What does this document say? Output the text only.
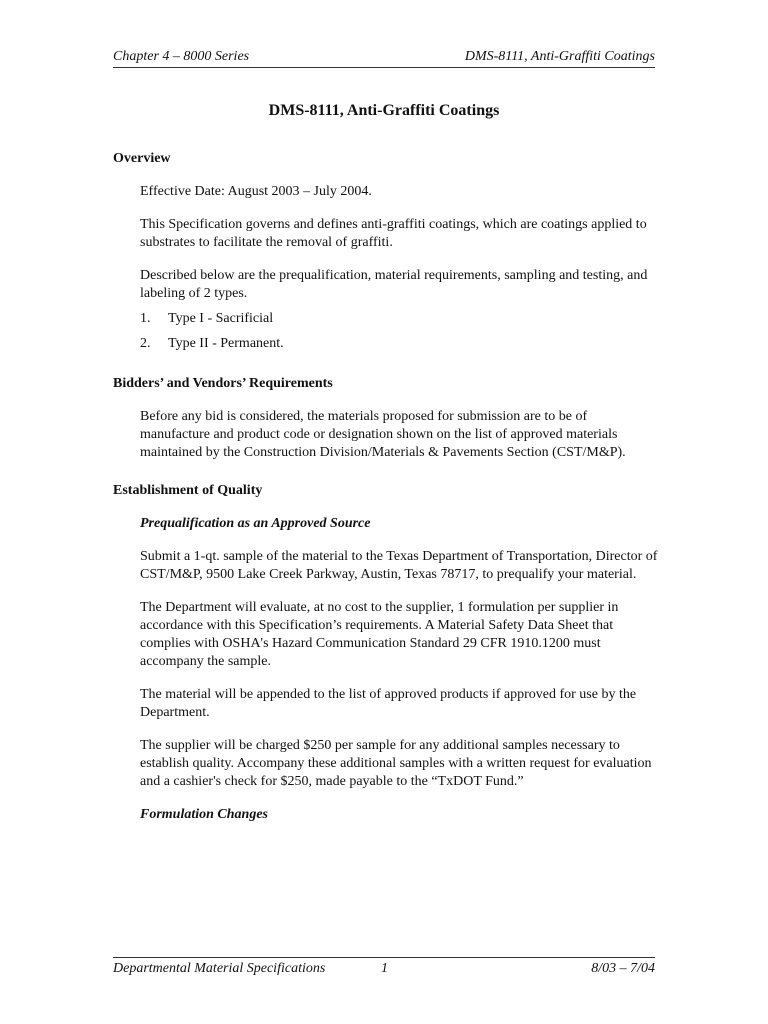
Chapter 4 – 8000 Series	DMS-8111, Anti-Graffiti Coatings
DMS-8111, Anti-Graffiti Coatings

Overview

Effective Date: August 2003 – July 2004.

This Specification governs and defines anti-graffiti coatings, which are coatings applied to substrates to facilitate the removal of graffiti.

Described below are the prequalification, material requirements, sampling and testing, and labeling of 2 types.

1.	Type I - Sacrificial
2.	Type II - Permanent.

Bidders’ and Vendors’ Requirements

Before any bid is considered, the materials proposed for submission are to be of manufacture and product code or designation shown on the list of approved materials maintained by the Construction Division/Materials & Pavements Section (CST/M&P).

Establishment of Quality

Prequalification as an Approved Source

Submit a 1-qt. sample of the material to the Texas Department of Transportation, Director of CST/M&P, 9500 Lake Creek Parkway, Austin, Texas 78717, to prequalify your material.

The Department will evaluate, at no cost to the supplier, 1 formulation per supplier in accordance with this Specification’s requirements. A Material Safety Data Sheet that complies with OSHA's Hazard Communication Standard 29 CFR 1910.1200 must accompany the sample.

The material will be appended to the list of approved products if approved for use by the Department.

The supplier will be charged $250 per sample for any additional samples necessary to establish quality. Accompany these additional samples with a written request for evaluation and a cashier's check for $250, made payable to the “TxDOT Fund.”

Formulation Changes

Departmental Material Specifications	1	8/03 – 7/04
